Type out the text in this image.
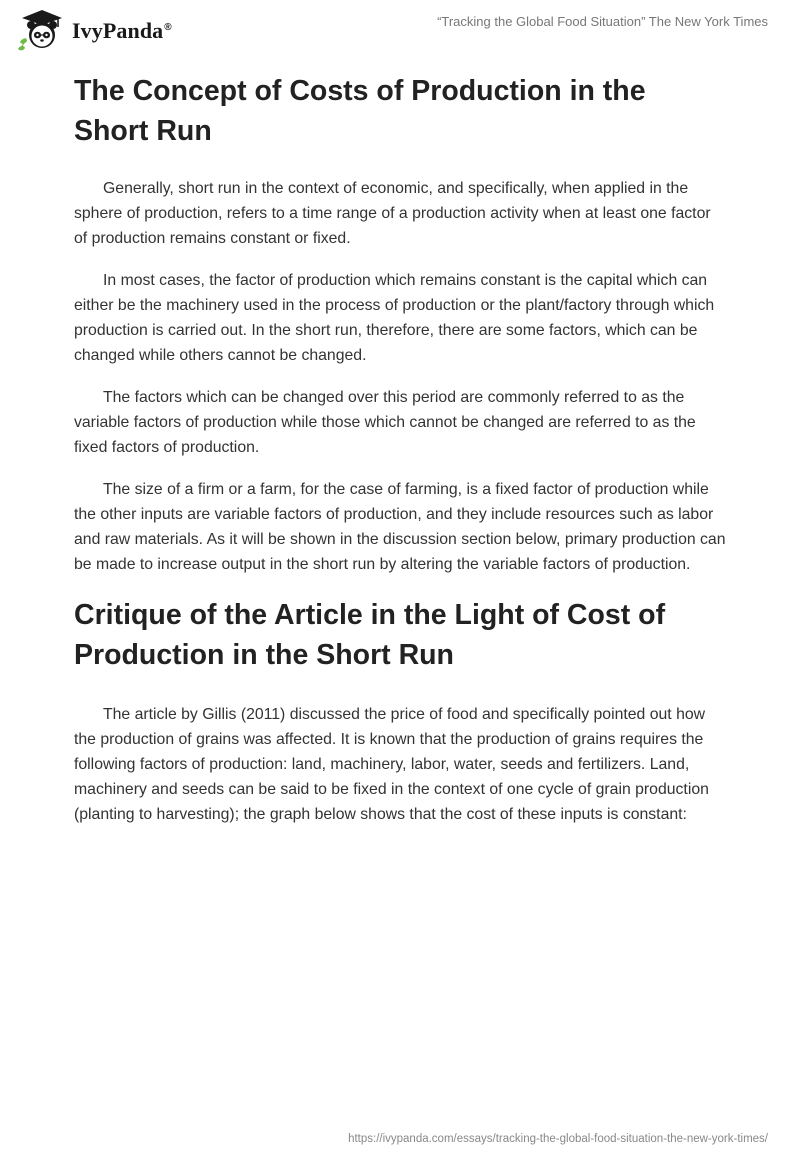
IvyPanda®	“Tracking the Global Food Situation” The New York Times
The Concept of Costs of Production in the Short Run

Generally, short run in the context of economic, and specifically, when applied in the sphere of production, refers to a time range of a production activity when at least one factor of production remains constant or fixed.

In most cases, the factor of production which remains constant is the capital which can either be the machinery used in the process of production or the plant/factory through which production is carried out. In the short run, therefore, there are some factors, which can be changed while others cannot be changed.

The factors which can be changed over this period are commonly referred to as the variable factors of production while those which cannot be changed are referred to as the fixed factors of production.

The size of a firm or a farm, for the case of farming, is a fixed factor of production while the other inputs are variable factors of production, and they include resources such as labor and raw materials. As it will be shown in the discussion section below, primary production can be made to increase output in the short run by altering the variable factors of production.

Critique of the Article in the Light of Cost of Production in the Short Run

The article by Gillis (2011) discussed the price of food and specifically pointed out how the production of grains was affected. It is known that the production of grains requires the following factors of production: land, machinery, labor, water, seeds and fertilizers. Land, machinery and seeds can be said to be fixed in the context of one cycle of grain production (planting to harvesting); the graph below shows that the cost of these inputs is constant:

https://ivypanda.com/essays/tracking-the-global-food-situation-the-new-york-times/
